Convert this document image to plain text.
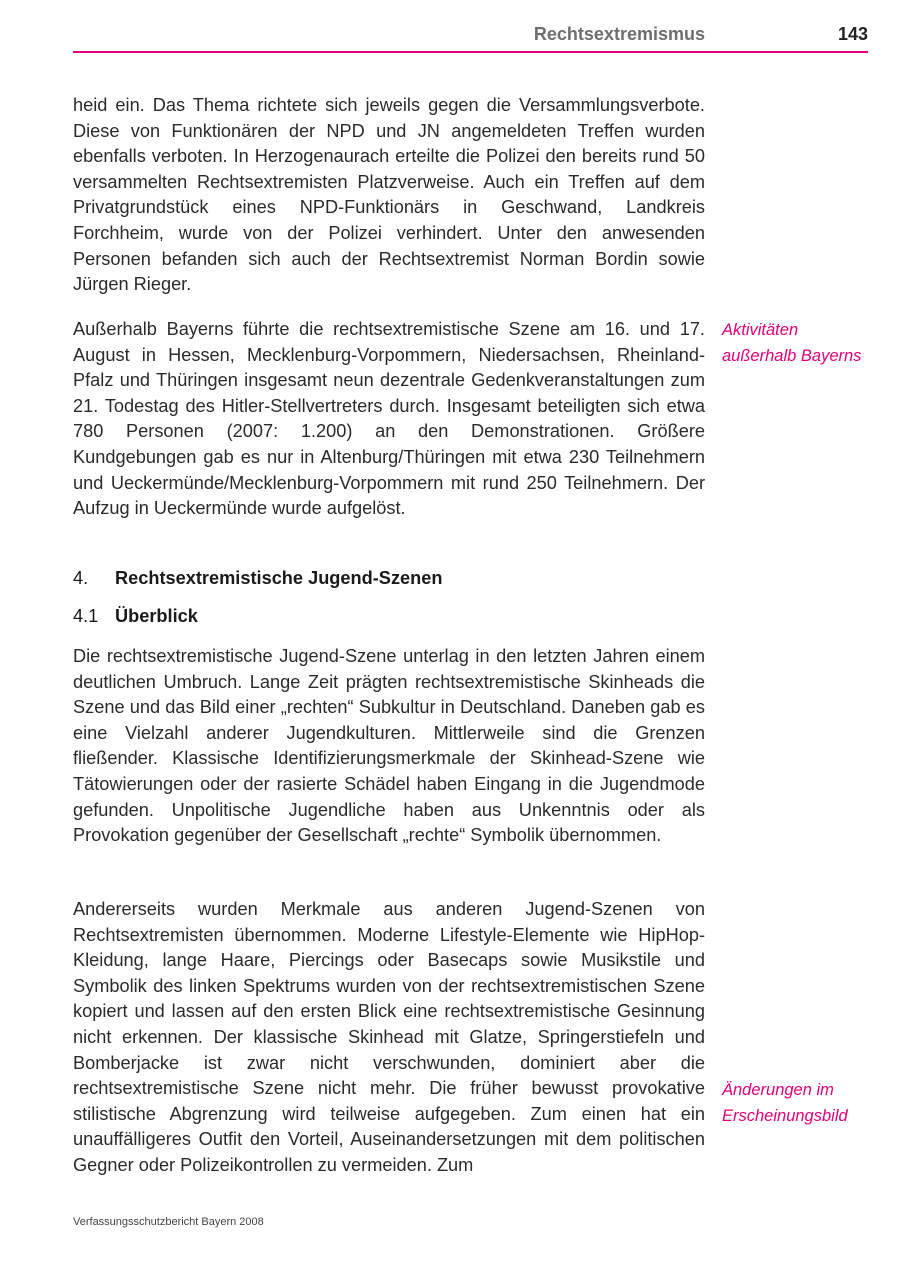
Rechtsextremismus	143

heid ein. Das Thema richtete sich jeweils gegen die Versammlungsverbote. Diese von Funktionären der NPD und JN angemeldeten Treffen wurden ebenfalls verboten. In Herzogenaurach erteilte die Polizei den bereits rund 50 versammelten Rechtsextremisten Platzverweise. Auch ein Treffen auf dem Privatgrundstück eines NPD-Funktionärs in Geschwand, Landkreis Forchheim, wurde von der Polizei verhindert. Unter den anwesenden Personen befanden sich auch der Rechtsextremist Norman Bordin sowie Jürgen Rieger.

Außerhalb Bayerns führte die rechtsextremistische Szene am 16. und 17. August in Hessen, Mecklenburg-Vorpommern, Niedersachsen, Rheinland-Pfalz und Thüringen insgesamt neun dezentrale Gedenkveranstaltungen zum 21. Todestag des Hitler-Stellvertreters durch. Insgesamt beteiligten sich etwa 780 Personen (2007: 1.200) an den Demonstrationen. Größere Kundgebungen gab es nur in Altenburg/Thüringen mit etwa 230 Teilnehmern und Ueckermünde/Mecklenburg-Vorpommern mit rund 250 Teilnehmern. Der Aufzug in Ueckermünde wurde aufgelöst.

Aktivitäten
außerhalb Bayerns
4. Rechtsextremistische Jugend-Szenen
4.1 Überblick

Die rechtsextremistische Jugend-Szene unterlag in den letzten Jahren einem deutlichen Umbruch. Lange Zeit prägten rechtsextremistische Skinheads die Szene und das Bild einer „rechten“ Subkultur in Deutschland. Daneben gab es eine Vielzahl anderer Jugendkulturen. Mittlerweile sind die Grenzen fließender. Klassische Identifizierungsmerkmale der Skinhead-Szene wie Tätowierungen oder der rasierte Schädel haben Eingang in die Jugendmode gefunden. Unpolitische Jugendliche haben aus Unkenntnis oder als Provokation gegenüber der Gesellschaft „rechte“ Symbolik übernommen.

Andererseits wurden Merkmale aus anderen Jugend-Szenen von Rechtsextremisten übernommen. Moderne Lifestyle-Elemente wie HipHop-Kleidung, lange Haare, Piercings oder Basecaps sowie Musikstile und Symbolik des linken Spektrums wurden von der rechtsextremistischen Szene kopiert und lassen auf den ersten Blick eine rechtsextremistische Gesinnung nicht erkennen. Der klassische Skinhead mit Glatze, Springerstiefeln und Bomberjacke ist zwar nicht verschwunden, dominiert aber die rechtsextremistische Szene nicht mehr. Die früher bewusst provokative stilistische Abgrenzung wird teilweise aufgegeben. Zum einen hat ein unauffälligeres Outfit den Vorteil, Auseinandersetzungen mit dem politischen Gegner oder Polizeikontrollen zu vermeiden. Zum

Änderungen im
Erscheinungsbild
Verfassungsschutzbericht Bayern 2008
